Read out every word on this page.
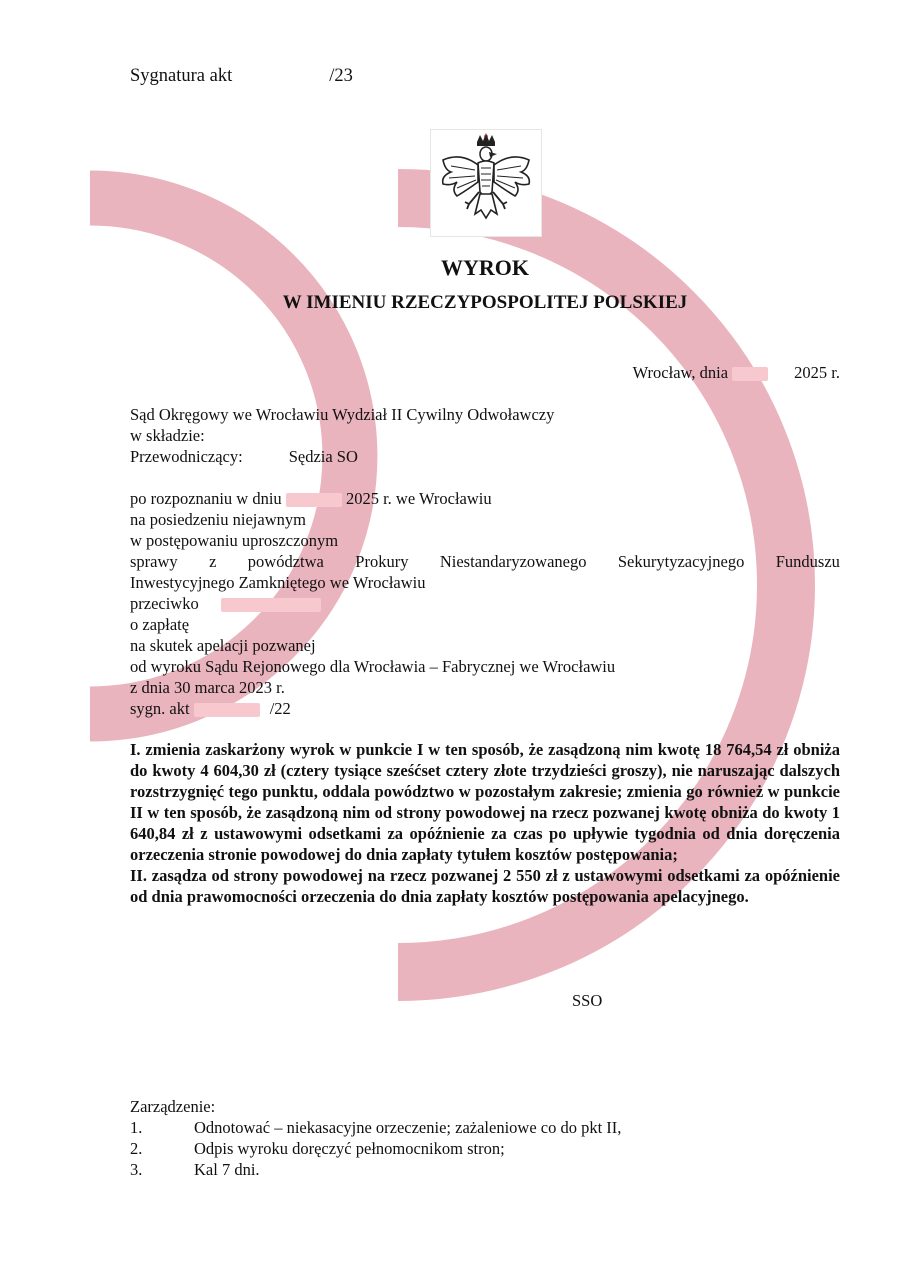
Sygnatura akt	/23
WYROK
W IMIENIU RZECZYPOSPOLITEJ POLSKIEJ
Wrocław, dnia	2025 r.
Sąd Okręgowy we Wrocławiu Wydział II Cywilny Odwoławczy
w składzie:
Przewodniczący:	Sędzia SO
po rozpoznaniu w dniu	2025 r. we Wrocławiu
na posiedzeniu niejawnym
w postępowaniu uproszczonym
sprawy z powództwa Prokury Niestandaryzowanego Sekurytyzacyjnego Funduszu
Inwestycyjnego Zamkniętego we Wrocławiu
przeciwko
o zapłatę
na skutek apelacji pozwanej
od wyroku Sądu Rejonowego dla Wrocławia – Fabrycznej we Wrocławiu
z dnia 30 marca 2023 r.
sygn. akt	/22

I. zmienia zaskarżony wyrok w punkcie I w ten sposób, że zasądzoną nim kwotę 18 764,54 zł obniża do kwoty 4 604,30 zł (cztery tysiące sześćset cztery złote trzydzieści groszy), nie naruszając dalszych rozstrzygnięć tego punktu, oddala powództwo w pozostałym zakresie; zmienia go również w punkcie II w ten sposób, że zasądzoną nim od strony powodowej na rzecz pozwanej kwotę obniża do kwoty 1 640,84 zł z ustawowymi odsetkami za opóźnienie za czas po upływie tygodnia od dnia doręczenia orzeczenia stronie powodowej do dnia zapłaty tytułem kosztów postępowania;

II. zasądza od strony powodowej na rzecz pozwanej 2 550 zł z ustawowymi odsetkami za opóźnienie od dnia prawomocności orzeczenia do dnia zapłaty kosztów postępowania apelacyjnego.

SSO
Zarządzenie:
1.	Odnotować – niekasacyjne orzeczenie; zażaleniowe co do pkt II,
2.	Odpis wyroku doręczyć pełnomocnikom stron;
3.	Kal 7 dni.
